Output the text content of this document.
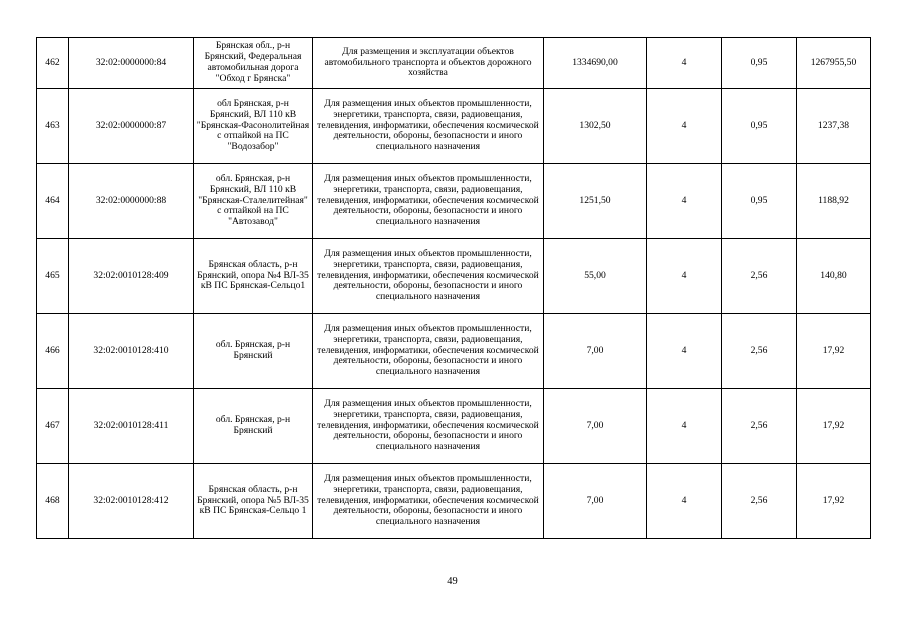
462	32:02:0000000:84	Брянская обл., р-н Брянский, Федеральная автомобильная дорога "Обход г Брянска"	Для размещения и эксплуатации объектов автомобильного транспорта и объектов дорожного хозяйства	1334690,00	4	0,95	1267955,50
463	32:02:0000000:87	обл Брянская, р-н Брянский, ВЛ 110 кВ "Брянская-Фасонолитейная с отпайкой на ПС "Водозабор"	Для размещения иных объектов промышленности, энергетики, транспорта, связи, радиовещания, телевидения, информатики, обеспечения космической деятельности, обороны, безопасности и иного специального назначения	1302,50	4	0,95	1237,38
464	32:02:0000000:88	обл. Брянская, р-н Брянский, ВЛ 110 кВ "Брянская-Сталелитейная" с отпайкой на ПС "Автозавод"	Для размещения иных объектов промышленности, энергетики, транспорта, связи, радиовещания, телевидения, информатики, обеспечения космической деятельности, обороны, безопасности и иного специального назначения	1251,50	4	0,95	1188,92
465	32:02:0010128:409	Брянская область, р-н Брянский, опора №4 ВЛ-35 кВ ПС Брянская-Сельцо1	Для размещения иных объектов промышленности, энергетики, транспорта, связи, радиовещания, телевидения, информатики, обеспечения космической деятельности, обороны, безопасности и иного специального назначения	55,00	4	2,56	140,80
466	32:02:0010128:410	обл. Брянская, р-н Брянский	Для размещения иных объектов промышленности, энергетики, транспорта, связи, радиовещания, телевидения, информатики, обеспечения космической деятельности, обороны, безопасности и иного специального назначения	7,00	4	2,56	17,92
467	32:02:0010128:411	обл. Брянская, р-н Брянский	Для размещения иных объектов промышленности, энергетики, транспорта, связи, радиовещания, телевидения, информатики, обеспечения космической деятельности, обороны, безопасности и иного специального назначения	7,00	4	2,56	17,92
468	32:02:0010128:412	Брянская область, р-н Брянский, опора №5 ВЛ-35 кВ ПС Брянская-Сельцо 1	Для размещения иных объектов промышленности, энергетики, транспорта, связи, радиовещания, телевидения, информатики, обеспечения космической деятельности, обороны, безопасности и иного специального назначения	7,00	4	2,56	17,92
49
